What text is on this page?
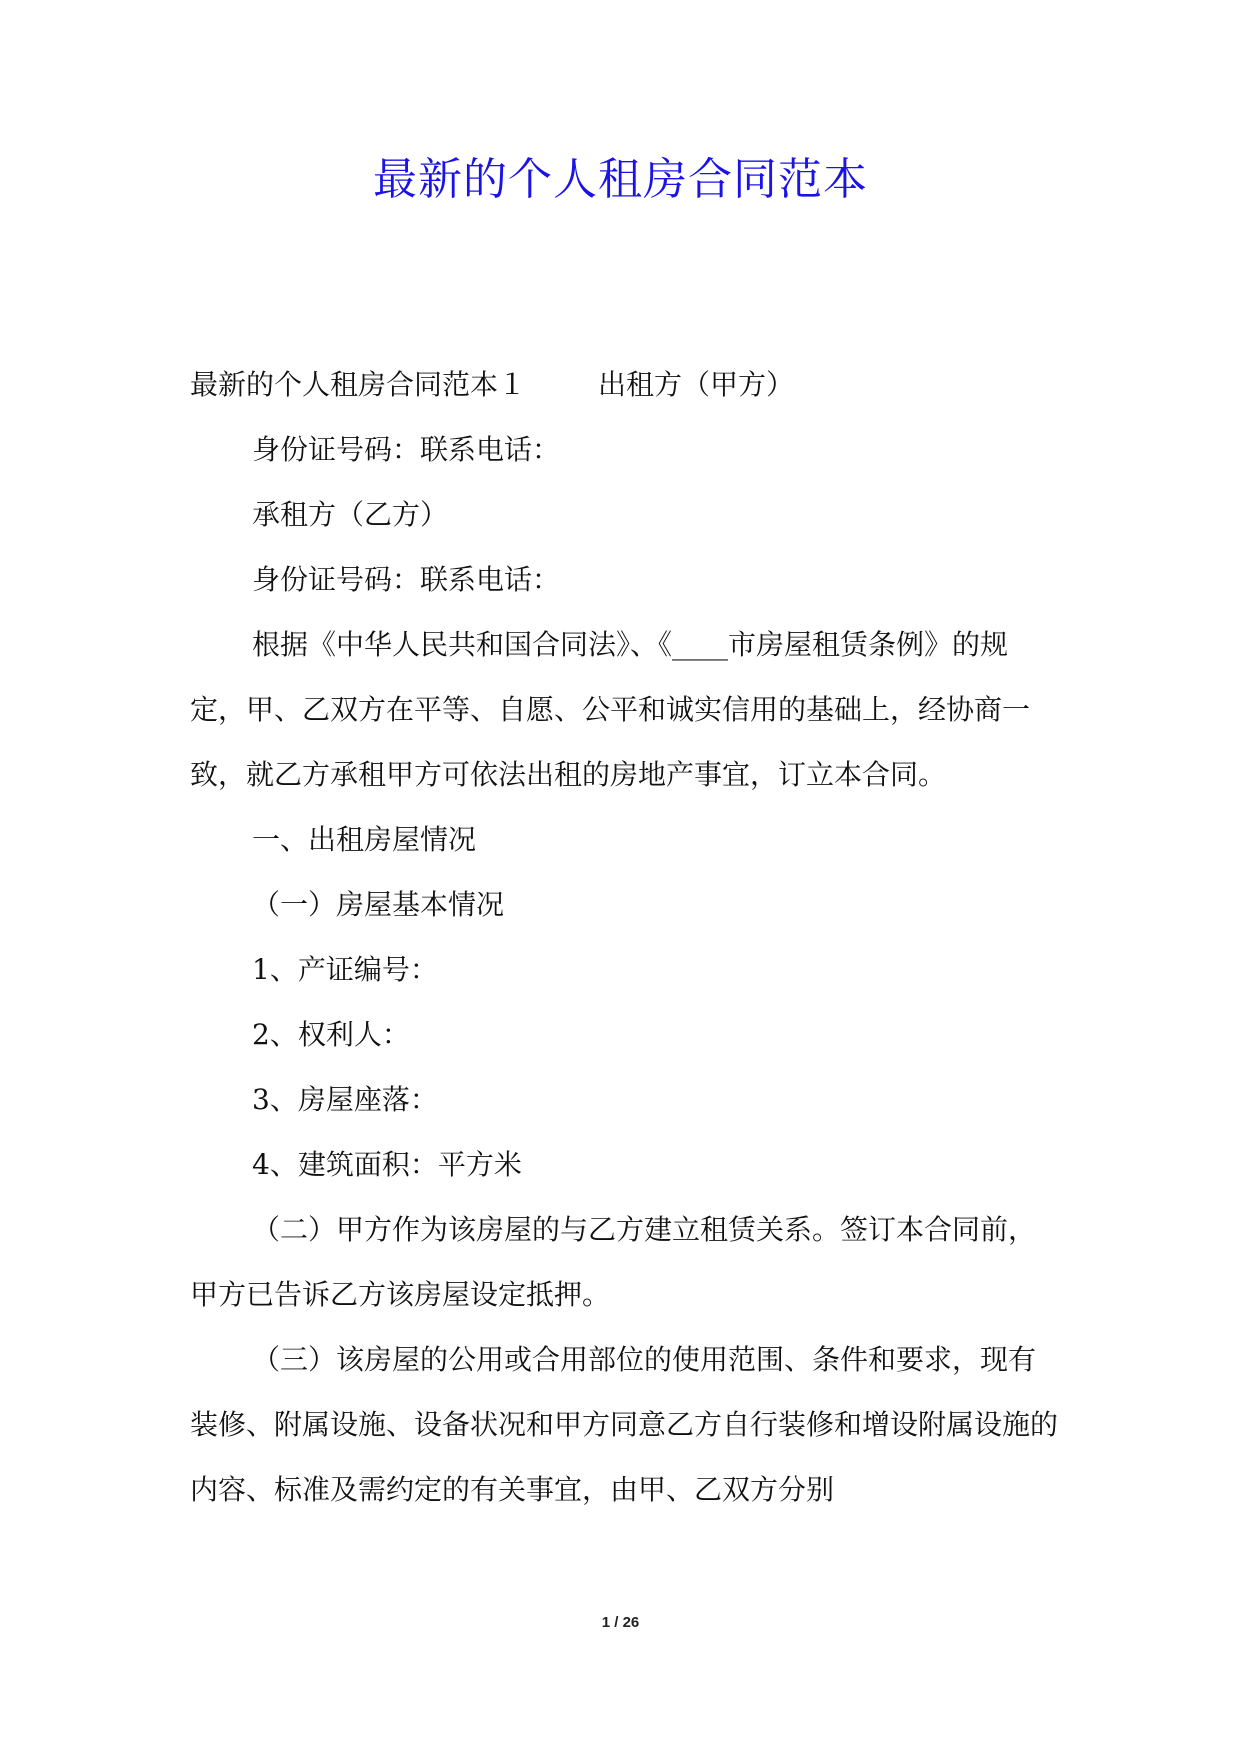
最新的个人租房合同范本

最新的个人租房合同范本１	出租方（甲方）

身份证号码：联系电话：

承租方（乙方）

身份证号码：联系电话：

根据《中华人民共和国合同法》、《____市房屋租赁条例》的规定，甲、乙双方在平等、自愿、公平和诚实信用的基础上，经协商一致，就乙方承租甲方可依法出租的房地产事宜，订立本合同。

一、出租房屋情况

（一）房屋基本情况

1、产证编号：

2、权利人：

3、房屋座落：

4、建筑面积：平方米

（二）甲方作为该房屋的与乙方建立租赁关系。签订本合同前，甲方已告诉乙方该房屋设定抵押。

（三）该房屋的公用或合用部位的使用范围、条件和要求，现有装修、附属设施、设备状况和甲方同意乙方自行装修和增设附属设施的内容、标准及需约定的有关事宜，由甲、乙双方分别

1 / 26
